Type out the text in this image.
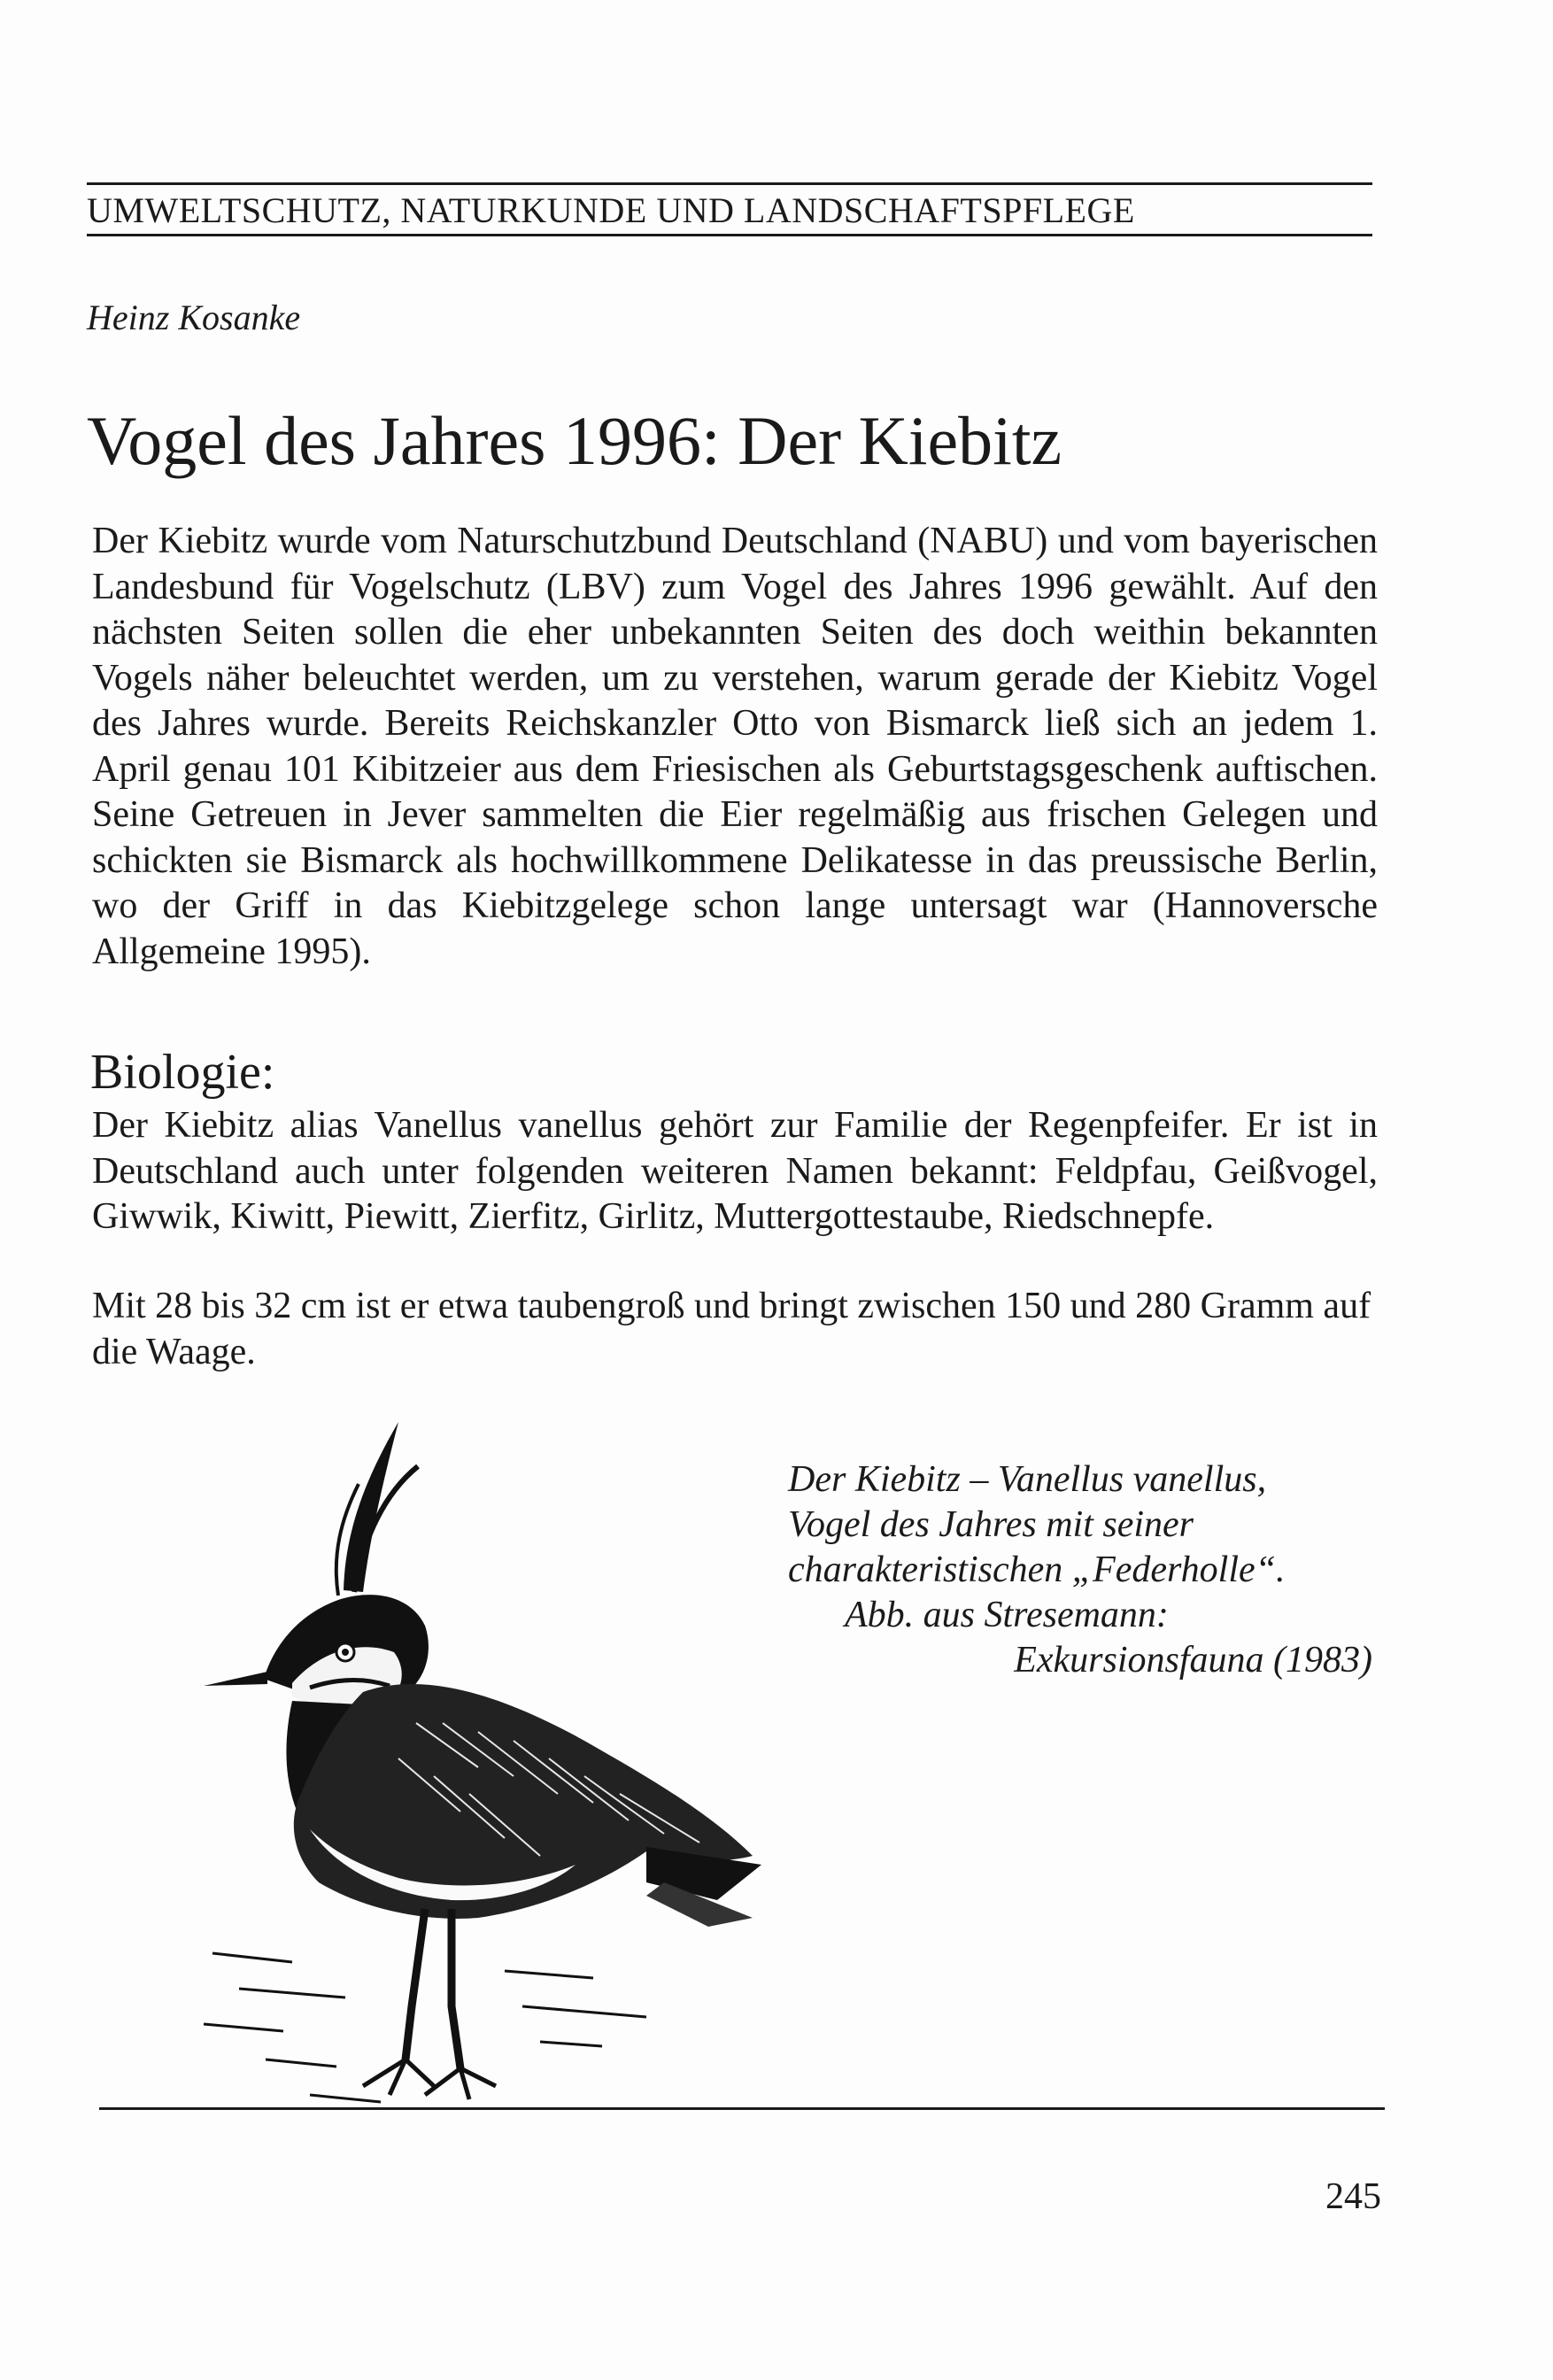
UMWELTSCHUTZ, NATURKUNDE UND LANDSCHAFTSPFLEGE
Heinz Kosanke
Vogel des Jahres 1996: Der Kiebitz
Der Kiebitz wurde vom Naturschutzbund Deutschland (NABU) und vom bayerischen Landesbund für Vogelschutz (LBV) zum Vogel des Jahres 1996 gewählt. Auf den nächsten Seiten sollen die eher unbekannten Seiten des doch weithin bekannten Vogels näher beleuchtet werden, um zu verstehen, warum gerade der Kiebitz Vogel des Jahres wurde. Bereits Reichskanzler Otto von Bismarck ließ sich an jedem 1. April genau 101 Kibitzeier aus dem Friesischen als Geburtstagsgeschenk auftischen. Seine Getreuen in Jever sammelten die Eier regelmäßig aus frischen Gelegen und schickten sie Bismarck als hochwillkommene Delikatesse in das preussische Berlin, wo der Griff in das Kiebitzgelege schon lange untersagt war (Hannoversche Allgemeine 1995).
Biologie:
Der Kiebitz alias Vanellus vanellus gehört zur Familie der Regenpfeifer. Er ist in Deutschland auch unter folgenden weiteren Namen bekannt: Feldpfau, Geißvogel, Giwwik, Kiwitt, Piewitt, Zierfitz, Girlitz, Muttergottestaube, Riedschnepfe.
Mit 28 bis 32 cm ist er etwa taubengroß und bringt zwischen 150 und 280 Gramm auf die Waage.
Der Kiebitz – Vanellus vanellus,
Vogel des Jahres mit seiner
charakteristischen „Federholle“.
Abb. aus Stresemann:
Exkursionsfauna (1983)
245
